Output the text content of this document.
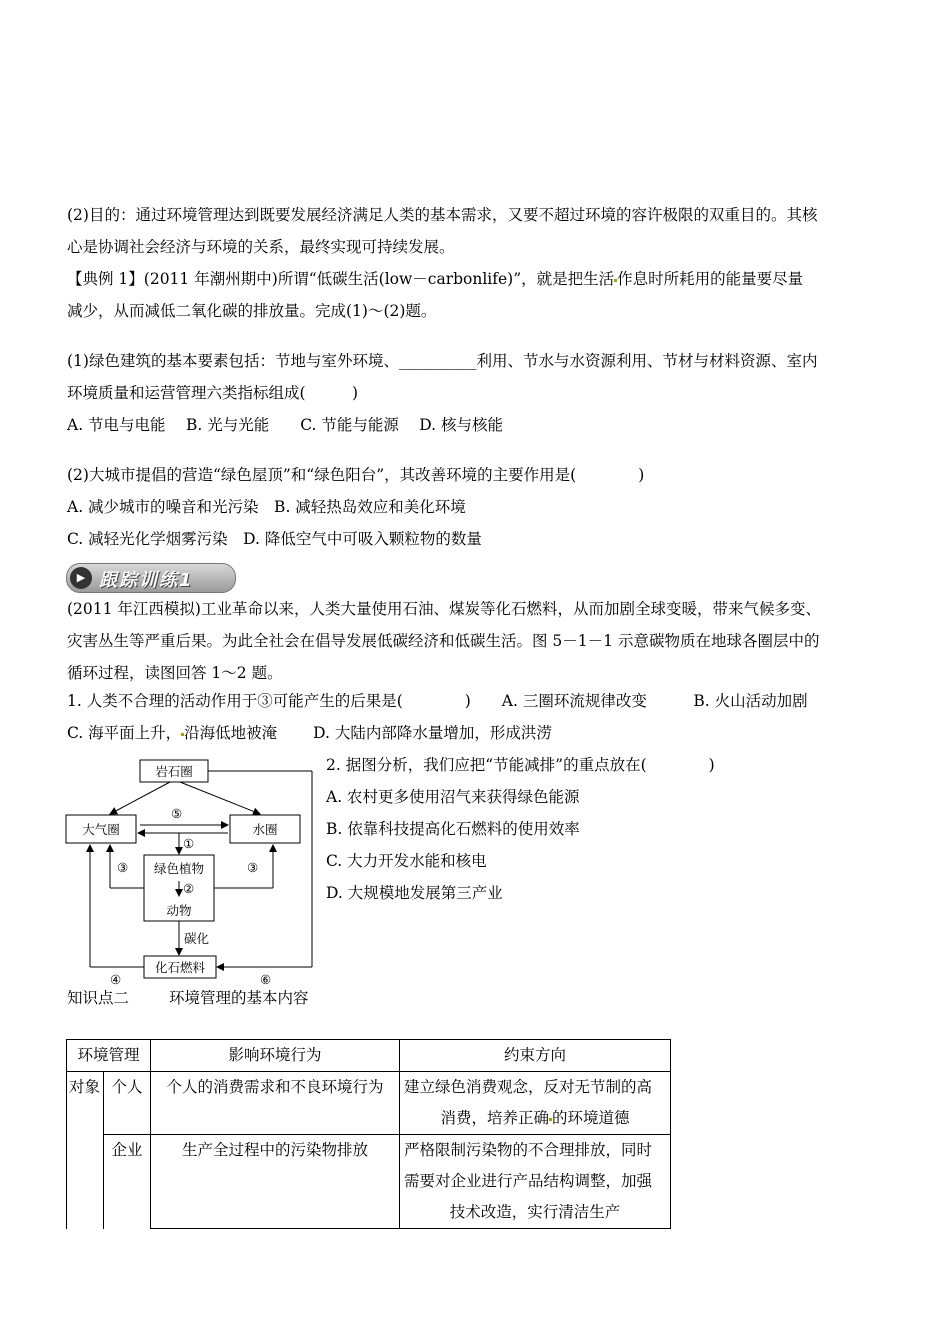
(2)目的：通过环境管理达到既要发展经济满足人类的基本需求，又要不超过环境的容许极限的双重目的。其核
心是协调社会经济与环境的关系，最终实现可持续发展。
【典例 1】(2011 年潮州期中)所谓“低碳生活(low－carbonlife)”，就是把生活 作息时所耗用的能量要尽量
减少，从而减低二氧化碳的排放量。完成(1)～(2)题。
(1)绿色建筑的基本要素包括：节地与室外环境、__________利用、节水与水资源利用、节材与材料资源、室内
环境质量和运营管理六类指标组成(　　　)
A. 节电与电能　 B. 光与光能　　C. 节能与能源　 D. 核与核能
(2)大城市提倡的营造“绿色屋顶”和“绿色阳台”，其改善环境的主要作用是(　　　　)
A. 减少城市的噪音和光污染　B. 减轻热岛效应和美化环境
C. 减轻光化学烟雾污染　D. 降低空气中可吸入颗粒物的数量
▶ 跟踪训练1
(2011 年江西模拟)工业革命以来，人类大量使用石油、煤炭等化石燃料，从而加剧全球变暖，带来气候多变、
灾害丛生等严重后果。为此全社会在倡导发展低碳经济和低碳生活。图 5－1－1 示意碳物质在地球各圈层中的
循环过程，读图回答 1～2 题。
1. 人类不合理的活动作用于③可能产生的后果是(　　　　)　　A. 三圈环流规律改变　　　B. 火山活动加剧
C. 海平面上升， 沿海低地被淹　　 D. 大陆内部降水量增加，形成洪涝
2. 据图分析，我们应把“节能减排”的重点放在(　　　　)
A. 农村更多使用沼气来获得绿色能源
B. 依靠科技提高化石燃料的使用效率
C. 大力开发水能和核电
D. 大规模地发展第三产业
岩石圈
大气圈	水圈
绿色植物
动物
化石燃料
碳化
⑤
①
②
③	③
④	⑥
知识点二	环境管理的基本内容
环境管理		影响环境行为	约束方向
对象	个人	个人的消费需求和不良环境行为	建立绿色消费观念，反对无节制的高
消费，培养正确 的环境道德

	企业	生产全过程中的污染物排放	严格限制污染物的不合理排放，同时
需要对企业进行产品结构调整，加强
技术改造，实行清洁生产
